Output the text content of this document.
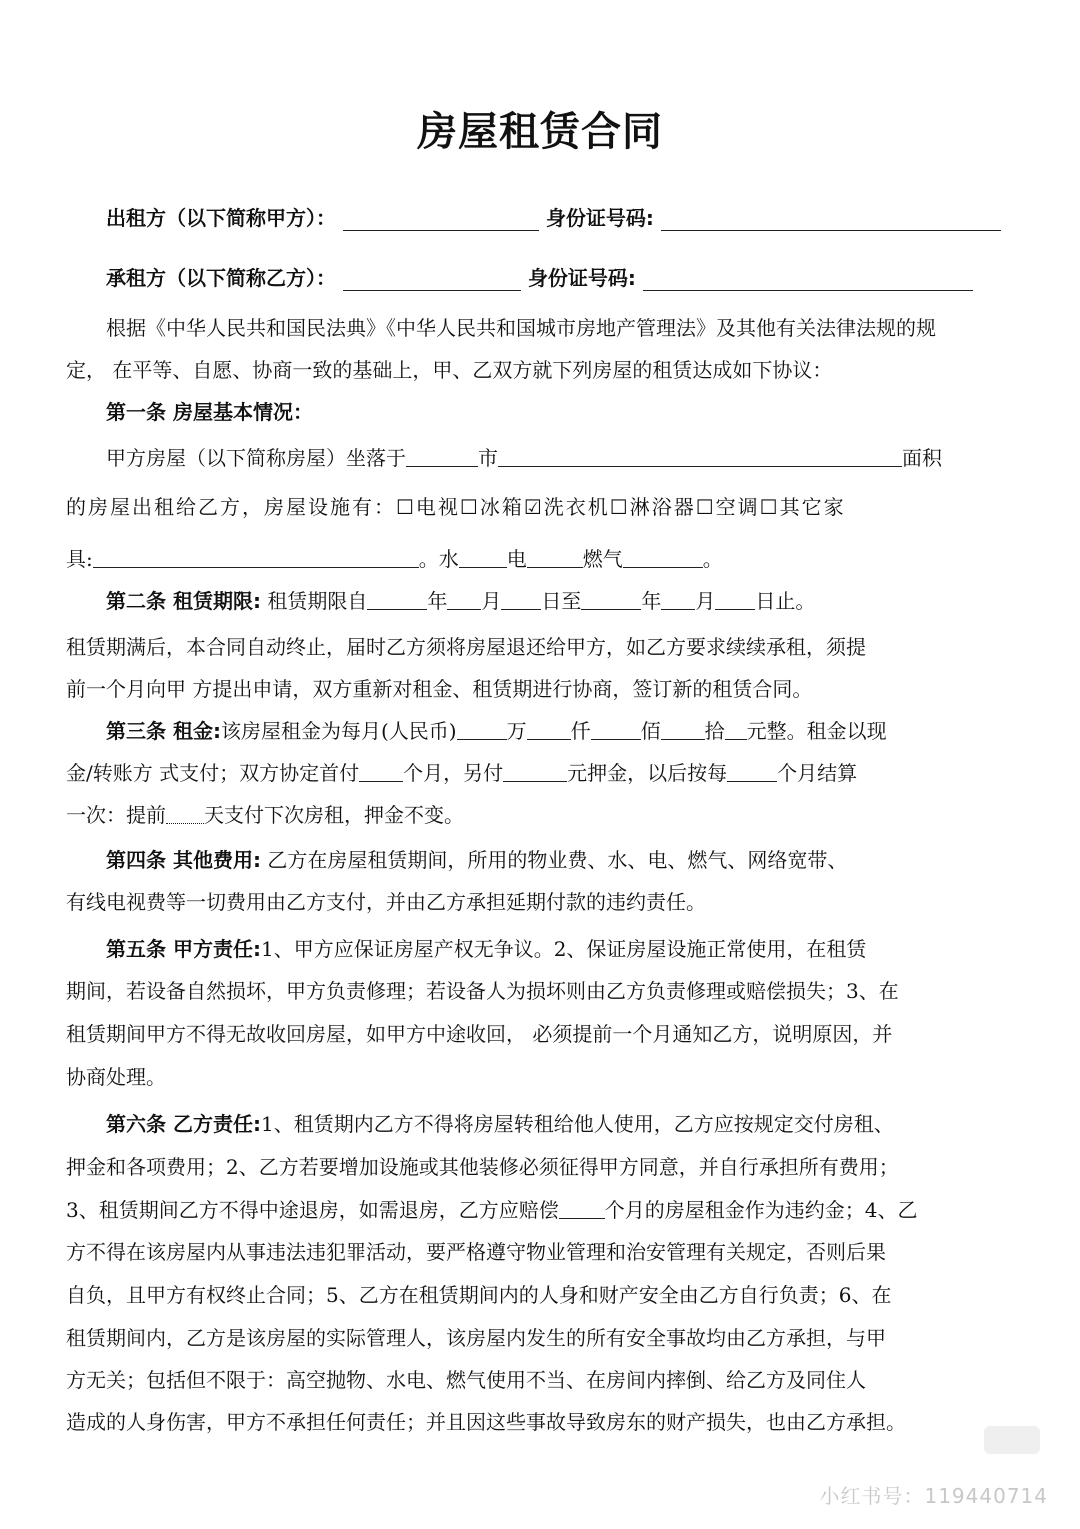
房屋租赁合同
出租方（以下简称甲方）：	身份证号码:
承租方（以下简称乙方）：	身份证号码:
根据《中华人民共和国民法典》《中华人民共和国城市房地产管理法》及其他有关法律法规的规
定， 在平等、自愿、协商一致的基础上，甲、乙双方就下列房屋的租赁达成如下协议：
第一条 房屋基本情况：
甲方房屋（以下简称房屋）坐落于	市	面积
的房屋出租给乙方，房屋设施有：☐电视☐冰箱☑洗衣机☐淋浴器☐空调☐其它家
具:	。水 电	燃气	。
第二条 租赁期限: 租赁期限自	年 月 日至	年 月 日止。
租赁期满后，本合同自动终止，届时乙方须将房屋退还给甲方，如乙方要求续续承租，须提
前一个月向甲 方提出申请，双方重新对租金、租赁期进行协商，签订新的租赁合同。
第三条 租金:该房屋租金为每月(人民币)	万 仟	佰 拾 元整。租金以现
金/转账方 式支付；双方协定首付 个月，另付	元押金，以后按每	个月结算
一次：提前 天支付下次房租，押金不变。
第四条 其他费用: 乙方在房屋租赁期间，所用的物业费、水、电、燃气、网络宽带、
有线电视费等一切费用由乙方支付，并由乙方承担延期付款的违约责任。
第五条 甲方责任:1、甲方应保证房屋产权无争议。2、保证房屋设施正常使用，在租赁
期间，若设备自然损坏，甲方负责修理；若设备人为损坏则由乙方负责修理或赔偿损失；3、在
租赁期间甲方不得无故收回房屋，如甲方中途收回， 必须提前一个月通知乙方，说明原因，并
协商处理。
第六条 乙方责任:1、租赁期内乙方不得将房屋转租给他人使用，乙方应按规定交付房租、
押金和各项费用；2、乙方若要增加设施或其他装修必须征得甲方同意，并自行承担所有费用；
3、租赁期间乙方不得中途退房，如需退房，乙方应赔偿 个月的房屋租金作为违约金；4、乙
方不得在该房屋内从事违法违犯罪活动，要严格遵守物业管理和治安管理有关规定，否则后果
自负，且甲方有权终止合同；5、乙方在租赁期间内的人身和财产安全由乙方自行负责；6、在
租赁期间内，乙方是该房屋的实际管理人，该房屋内发生的所有安全事故均由乙方承担，与甲
方无关；包括但不限于：高空抛物、水电、燃气使用不当、在房间内摔倒、给乙方及同住人
造成的人身伤害，甲方不承担任何责任；并且因这些事故导致房东的财产损失，也由乙方承担。
小红书号：119440714
